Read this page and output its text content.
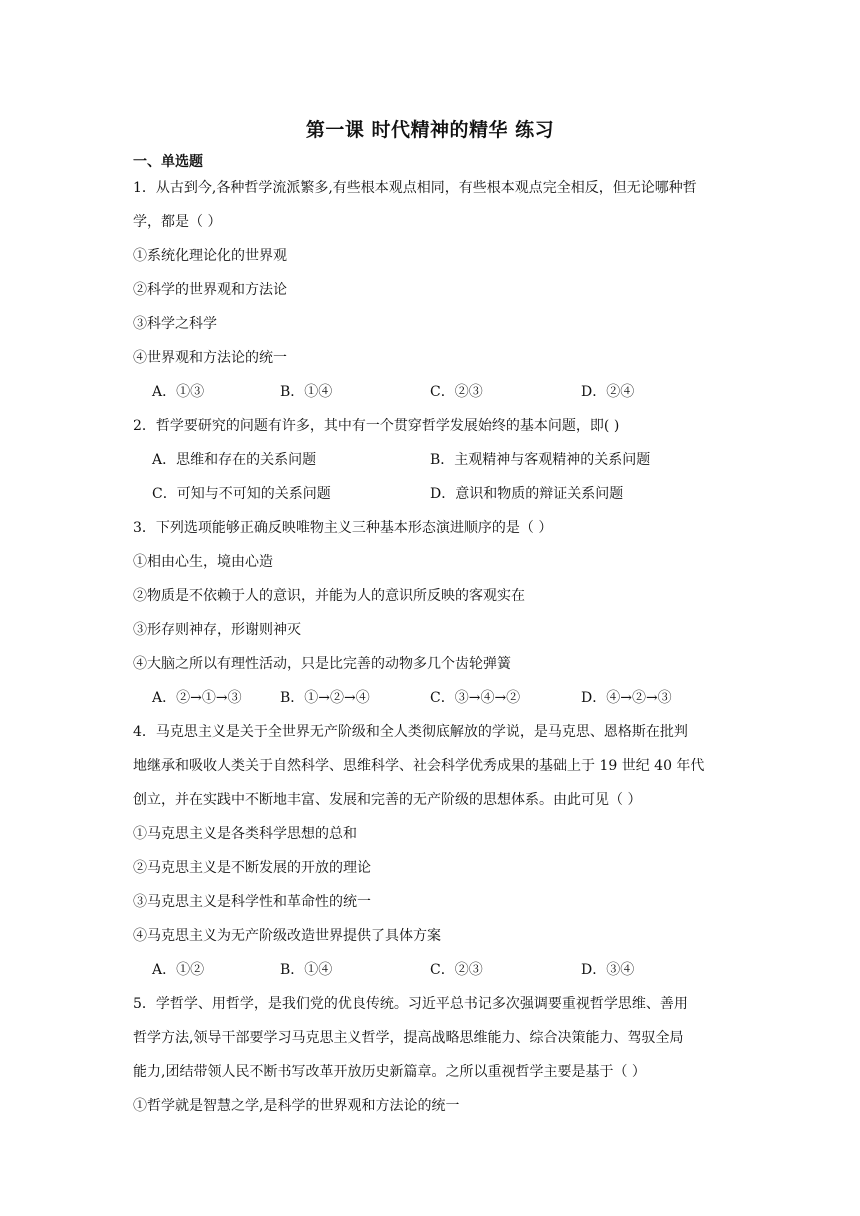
第一课 时代精神的精华 练习
一、单选题
1．从古到今,各种哲学流派繁多,有些根本观点相同，有些根本观点完全相反，但无论哪种哲
学，都是（ ）
①系统化理论化的世界观
②科学的世界观和方法论
③科学之科学
④世界观和方法论的统一
A．①③	B．①④	C．②③	D．②④
2．哲学要研究的问题有许多，其中有一个贯穿哲学发展始终的基本问题，即( )
A．思维和存在的关系问题	B．主观精神与客观精神的关系问题
C．可知与不可知的关系问题	D．意识和物质的辩证关系问题
3．下列选项能够正确反映唯物主义三种基本形态演进顺序的是（ ）
①相由心生，境由心造
②物质是不依赖于人的意识，并能为人的意识所反映的客观实在
③形存则神存，形谢则神灭
④大脑之所以有理性活动，只是比完善的动物多几个齿轮弹簧
A．②→①→③	B．①→②→④	C．③→④→②	D．④→②→③
4．马克思主义是关于全世界无产阶级和全人类彻底解放的学说，是马克思、恩格斯在批判
地继承和吸收人类关于自然科学、思维科学、社会科学优秀成果的基础上于 19 世纪 40 年代
创立，并在实践中不断地丰富、发展和完善的无产阶级的思想体系。由此可见（ ）
①马克思主义是各类科学思想的总和
②马克思主义是不断发展的开放的理论
③马克思主义是科学性和革命性的统一
④马克思主义为无产阶级改造世界提供了具体方案
A．①②	B．①④	C．②③	D．③④
5．学哲学、用哲学，是我们党的优良传统。习近平总书记多次强调要重视哲学思维、善用
哲学方法,领导干部要学习马克思主义哲学，提高战略思维能力、综合决策能力、驾驭全局
能力,团结带领人民不断书写改革开放历史新篇章。之所以重视哲学主要是基于（ ）
①哲学就是智慧之学,是科学的世界观和方法论的统一
